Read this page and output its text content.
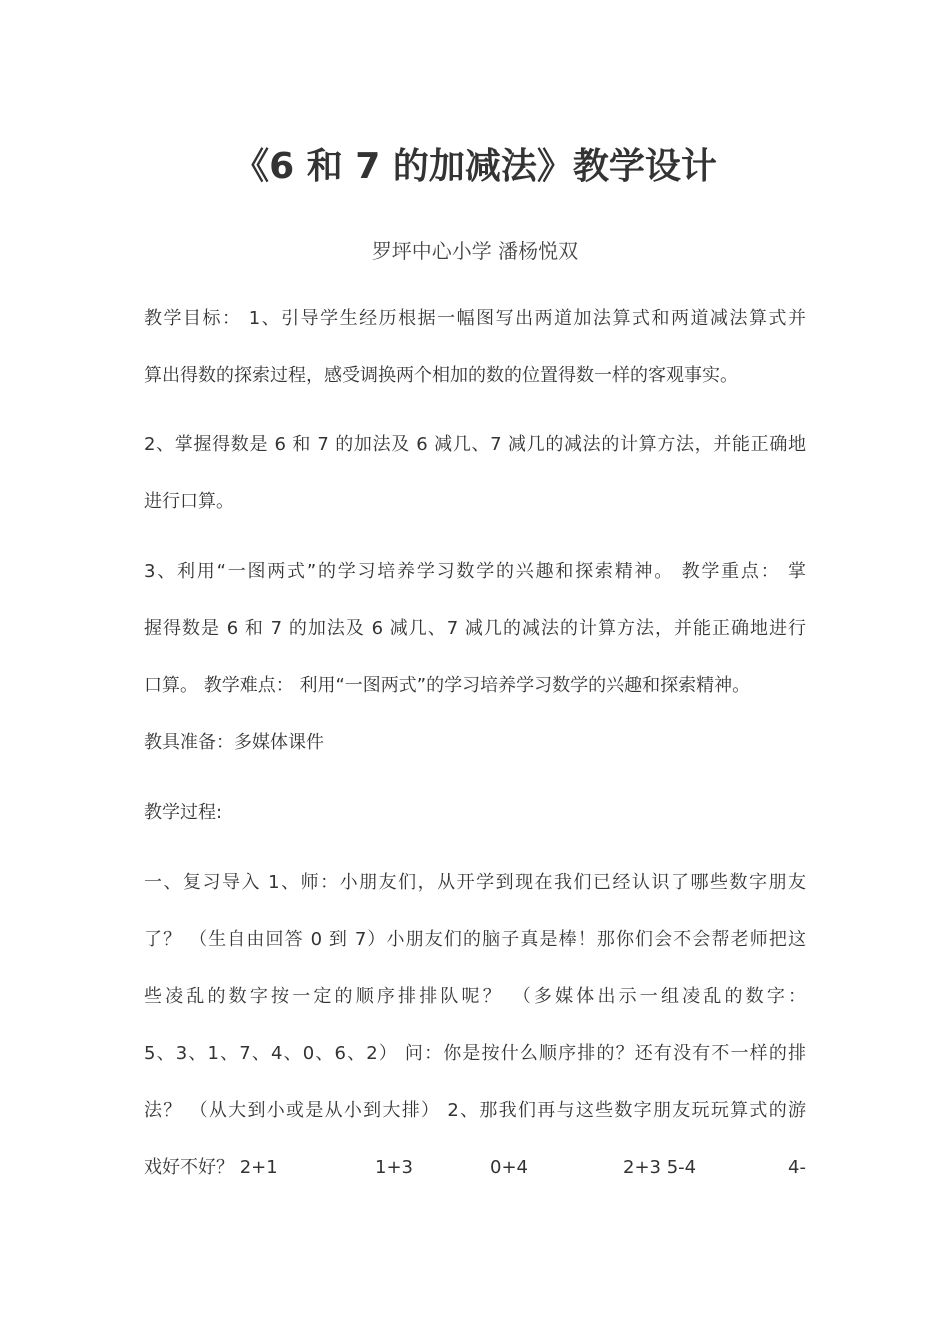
《6 和 7 的加减法》教学设计
罗坪中心小学 潘杨悦双
教学目标： 1、引导学生经历根据一幅图写出两道加法算式和两道减法算式并
算出得数的探索过程，感受调换两个相加的数的位置得数一样的客观事实。
2、掌握得数是 6 和 7 的加法及 6 减几、7 减几的减法的计算方法，并能正确地
进行口算。
3、利用“一图两式”的学习培养学习数学的兴趣和探索精神。 教学重点： 掌
握得数是 6 和 7 的加法及 6 减几、7 减几的减法的计算方法，并能正确地进行
口算。 教学难点： 利用“一图两式”的学习培养学习数学的兴趣和探索精神。
教具准备：多媒体课件
教学过程:
一、复习导入 1、师：小朋友们，从开学到现在我们已经认识了哪些数字朋友
了？ （生自由回答 0 到 7）小朋友们的脑子真是棒！那你们会不会帮老师把这
些凌乱的数字按一定的顺序排排队呢？ （多媒体出示一组凌乱的数字：
5、3、1、7、4、0、6、2） 问：你是按什么顺序排的？还有没有不一样的排
法？ （从大到小或是从小到大排） 2、那我们再与这些数字朋友玩玩算式的游
戏好不好？ 2+1	1+3	0+4	2+3 5-4	4-
